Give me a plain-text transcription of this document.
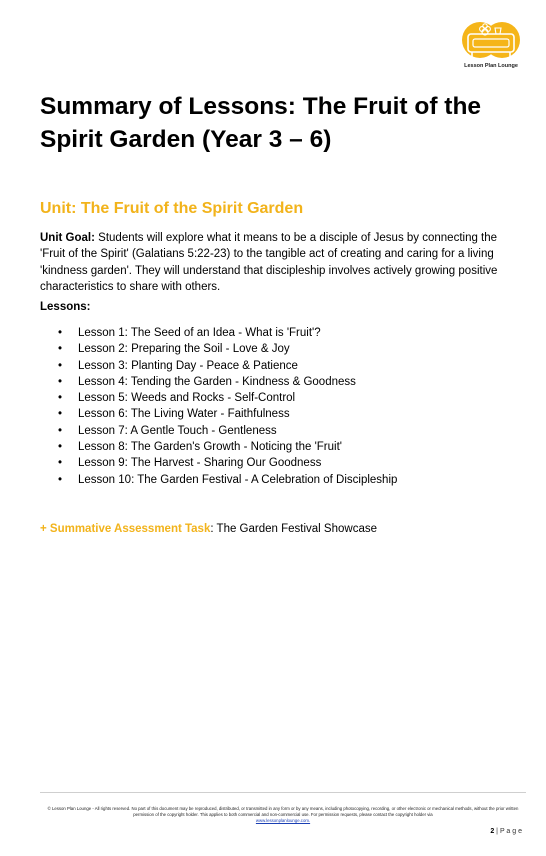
Lesson Plan Lounge
Summary of Lessons: The Fruit of the Spirit Garden (Year 3 – 6)
Unit: The Fruit of the Spirit Garden

Unit Goal: Students will explore what it means to be a disciple of Jesus by connecting the 'Fruit of the Spirit' (Galatians 5:22-23) to the tangible act of creating and caring for a living 'kindness garden'. They will understand that discipleship involves actively growing positive characteristics to share with others.

Lessons:

• Lesson 1: The Seed of an Idea - What is 'Fruit'?
• Lesson 2: Preparing the Soil - Love & Joy
• Lesson 3: Planting Day - Peace & Patience
• Lesson 4: Tending the Garden - Kindness & Goodness
• Lesson 5: Weeds and Rocks - Self-Control
• Lesson 6: The Living Water - Faithfulness
• Lesson 7: A Gentle Touch - Gentleness
• Lesson 8: The Garden's Growth - Noticing the 'Fruit'
• Lesson 9: The Harvest - Sharing Our Goodness
• Lesson 10: The Garden Festival - A Celebration of Discipleship

+ Summative Assessment Task: The Garden Festival Showcase

© Lesson Plan Lounge - All rights reserved. No part of this document may be reproduced, distributed, or transmitted in any form or by any means, including photocopying, recording, or other electronic or mechanical methods, without the prior written permission of the copyright holder. This applies to both commercial and non-commercial use. For permission requests, please contact the copyright holder via
www.lessonplanlounge.com.

2 | P a g e
